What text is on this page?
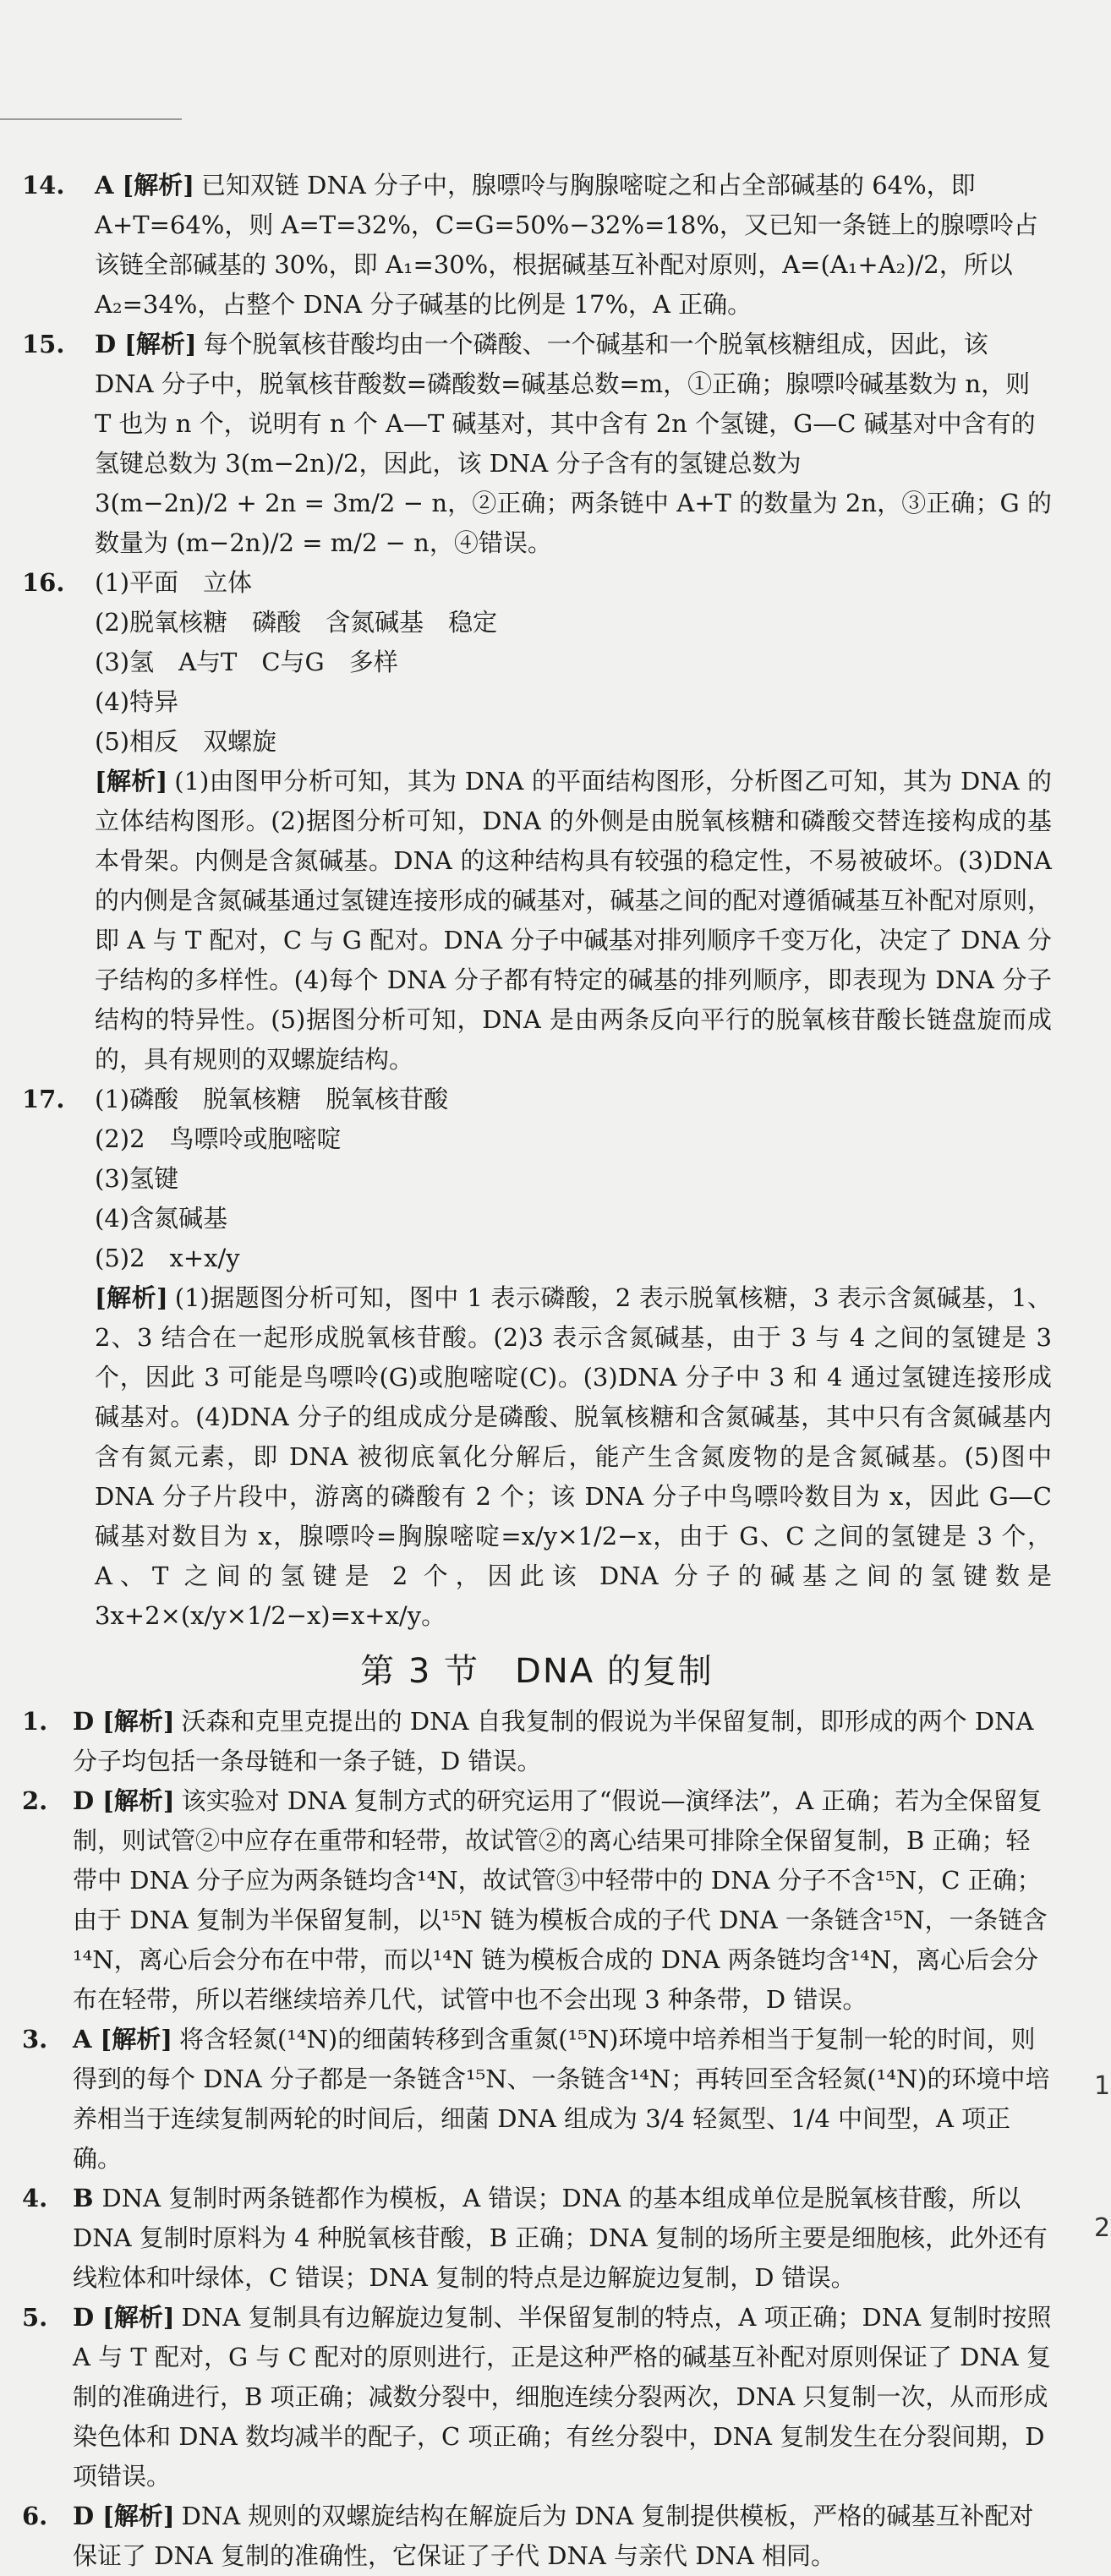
14. A [解析] 已知双链 DNA 分子中，腺嘌呤与胸腺嘧啶之和占全部碱基的 64%，即 A+T=64%，则 A=T=32%，C=G=50%−32%=18%，又已知一条链上的腺嘌呤占该链全部碱基的 30%，即 A₁=30%，根据碱基互补配对原则，A=(A₁+A₂)/2，所以 A₂=34%，占整个 DNA 分子碱基的比例是 17%，A 正确。

15. D [解析] 每个脱氧核苷酸均由一个磷酸、一个碱基和一个脱氧核糖组成，因此，该 DNA 分子中，脱氧核苷酸数=磷酸数=碱基总数=m，①正确；腺嘌呤碱基数为 n，则 T 也为 n 个，说明有 n 个 A—T 碱基对，其中含有 2n 个氢键，G—C 碱基对中含有的氢键总数为 3(m−2n)/2，因此，该 DNA 分子含有的氢键总数为
3(m−2n)/2 + 2n = 3m/2 − n，②正确；两条链中 A+T 的数量为 2n，③正确；G 的数量为 (m−2n)/2 = m/2 − n，④错误。

16. (1)平面　立体
(2)脱氧核糖　磷酸　含氮碱基　稳定
(3)氢　A与T　C与G　多样
(4)特异
(5)相反　双螺旋
[解析] (1)由图甲分析可知，其为 DNA 的平面结构图形，分析图乙可知，其为 DNA 的立体结构图形。(2)据图分析可知，DNA 的外侧是由脱氧核糖和磷酸交替连接构成的基本骨架。内侧是含氮碱基。DNA 的这种结构具有较强的稳定性，不易被破坏。(3)DNA 的内侧是含氮碱基通过氢键连接形成的碱基对，碱基之间的配对遵循碱基互补配对原则，即 A 与 T 配对，C 与 G 配对。DNA 分子中碱基对排列顺序千变万化，决定了 DNA 分子结构的多样性。(4)每个 DNA 分子都有特定的碱基的排列顺序，即表现为 DNA 分子结构的特异性。(5)据图分析可知，DNA 是由两条反向平行的脱氧核苷酸长链盘旋而成的，具有规则的双螺旋结构。

17. (1)磷酸　脱氧核糖　脱氧核苷酸
(2)2　鸟嘌呤或胞嘧啶
(3)氢键
(4)含氮碱基
(5)2　x+x/y
[解析] (1)据题图分析可知，图中 1 表示磷酸，2 表示脱氧核糖，3 表示含氮碱基，1、2、3 结合在一起形成脱氧核苷酸。(2)3 表示含氮碱基，由于 3 与 4 之间的氢键是 3 个，因此 3 可能是鸟嘌呤(G)或胞嘧啶(C)。(3)DNA 分子中 3 和 4 通过氢键连接形成碱基对。(4)DNA 分子的组成成分是磷酸、脱氧核糖和含氮碱基，其中只有含氮碱基内含有氮元素，即 DNA 被彻底氧化分解后，能产生含氮废物的是含氮碱基。(5)图中 DNA 分子片段中，游离的磷酸有 2 个；该 DNA 分子中鸟嘌呤数目为 x，因此 G—C 碱基对数目为 x，腺嘌呤=胸腺嘧啶=x/y×1/2−x，由于 G、C 之间的氢键是 3 个，A、T 之间的氢键是 2 个，因此该 DNA 分子的碱基之间的氢键数是 3x+2×(x/y×1/2−x)=x+x/y。

第 3 节　DNA 的复制

1. D [解析] 沃森和克里克提出的 DNA 自我复制的假说为半保留复制，即形成的两个 DNA 分子均包括一条母链和一条子链，D 错误。

2. D [解析] 该实验对 DNA 复制方式的研究运用了“假说—演绎法”，A 正确；若为全保留复制，则试管②中应存在重带和轻带，故试管②的离心结果可排除全保留复制，B 正确；轻带中 DNA 分子应为两条链均含¹⁴N，故试管③中轻带中的 DNA 分子不含¹⁵N，C 正确；由于 DNA 复制为半保留复制，以¹⁵N 链为模板合成的子代 DNA 一条链含¹⁵N，一条链含¹⁴N，离心后会分布在中带，而以¹⁴N 链为模板合成的 DNA 两条链均含¹⁴N，离心后会分布在轻带，所以若继续培养几代，试管中也不会出现 3 种条带，D 错误。

3. A [解析] 将含轻氮(¹⁴N)的细菌转移到含重氮(¹⁵N)环境中培养相当于复制一轮的时间，则得到的每个 DNA 分子都是一条链含¹⁵N、一条链含¹⁴N；再转回至含轻氮(¹⁴N)的环境中培养相当于连续复制两轮的时间后，细菌 DNA 组成为 3/4 轻氮型、1/4 中间型，A 项正确。

4. B DNA 复制时两条链都作为模板，A 错误；DNA 的基本组成单位是脱氧核苷酸，所以 DNA 复制时原料为 4 种脱氧核苷酸，B 正确；DNA 复制的场所主要是细胞核，此外还有线粒体和叶绿体，C 错误；DNA 复制的特点是边解旋边复制，D 错误。

5. D [解析] DNA 复制具有边解旋边复制、半保留复制的特点，A 项正确；DNA 复制时按照 A 与 T 配对，G 与 C 配对的原则进行，正是这种严格的碱基互补配对原则保证了 DNA 复制的准确进行，B 项正确；减数分裂中，细胞连续分裂两次，DNA 只复制一次，从而形成染色体和 DNA 数均减半的配子，C 项正确；有丝分裂中，DNA 复制发生在分裂间期，D 项错误。

6. D [解析] DNA 规则的双螺旋结构在解旋后为 DNA 复制提供模板，严格的碱基互补配对保证了 DNA 复制的准确性，它保证了子代 DNA 与亲代 DNA 相同。

1
2
